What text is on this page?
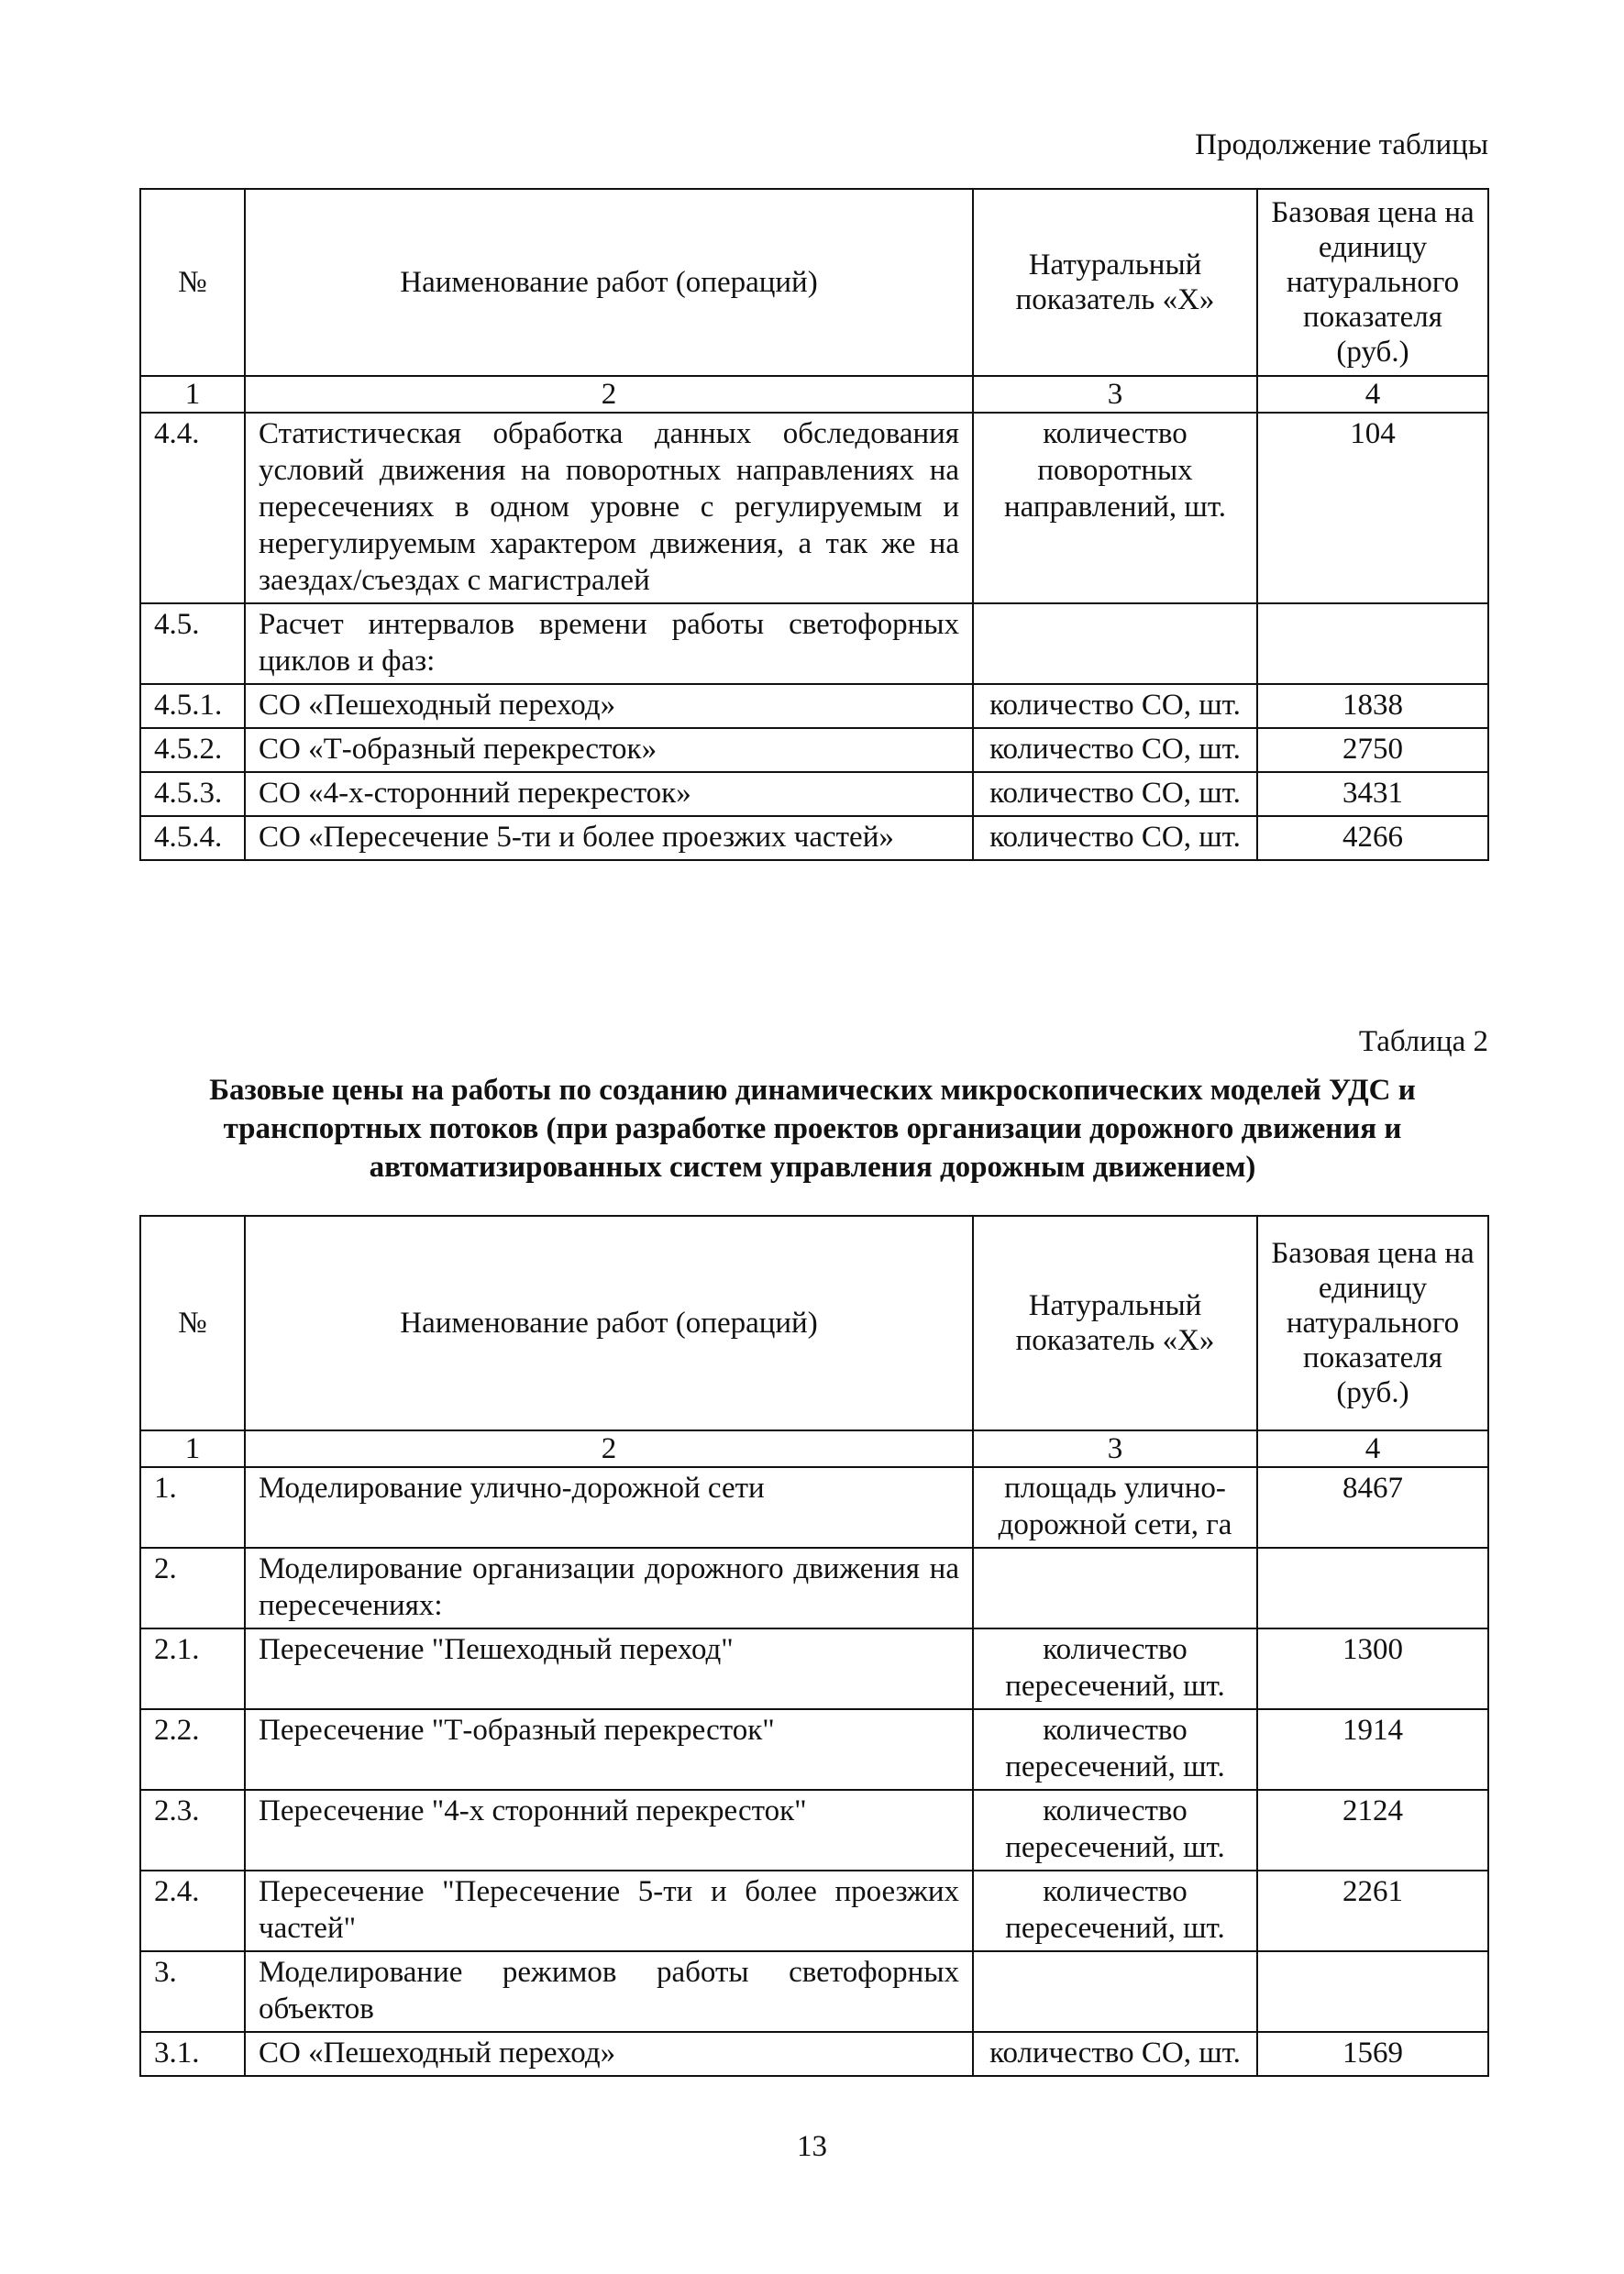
Продолжение таблицы
№	Наименование работ (операций)	Натуральный показатель «X»	Базовая цена на единицу натурального показателя (руб.)
1	2	3	4
4.4.	Статистическая обработка данных обследования условий движения на поворотных направлениях на пересечениях в одном уровне с регулируемым и нерегулируемым характером движения, а так же на заездах/съездах с магистралей	количество поворотных направлений, шт.	104
4.5.	Расчет интервалов времени работы светофорных циклов и фаз:		
4.5.1.	СО «Пешеходный переход»	количество СО, шт.	1838
4.5.2.	СО «Т-образный перекресток»	количество СО, шт.	2750
4.5.3.	СО «4-х-сторонний перекресток»	количество СО, шт.	3431
4.5.4.	СО «Пересечение 5-ти и более проезжих частей»	количество СО, шт.	4266
Таблица 2
Базовые цены на работы по созданию динамических микроскопических моделей УДС и транспортных потоков (при разработке проектов организации дорожного движения и автоматизированных систем управления дорожным движением)
№	Наименование работ (операций)	Натуральный показатель «X»	Базовая цена на единицу натурального показателя (руб.)
1	2	3	4
1.	Моделирование улично-дорожной сети	площадь улично-дорожной сети, га	8467
2.	Моделирование организации дорожного движения на пересечениях:		
2.1.	Пересечение "Пешеходный переход"	количество пересечений, шт.	1300
2.2.	Пересечение "Т-образный перекресток"	количество пересечений, шт.	1914
2.3.	Пересечение "4-х сторонний перекресток"	количество пересечений, шт.	2124
2.4.	Пересечение "Пересечение 5-ти и более проезжих частей"	количество пересечений, шт.	2261
3.	Моделирование режимов работы светофорных объектов		
3.1.	СО «Пешеходный переход»	количество СО, шт.	1569
13
